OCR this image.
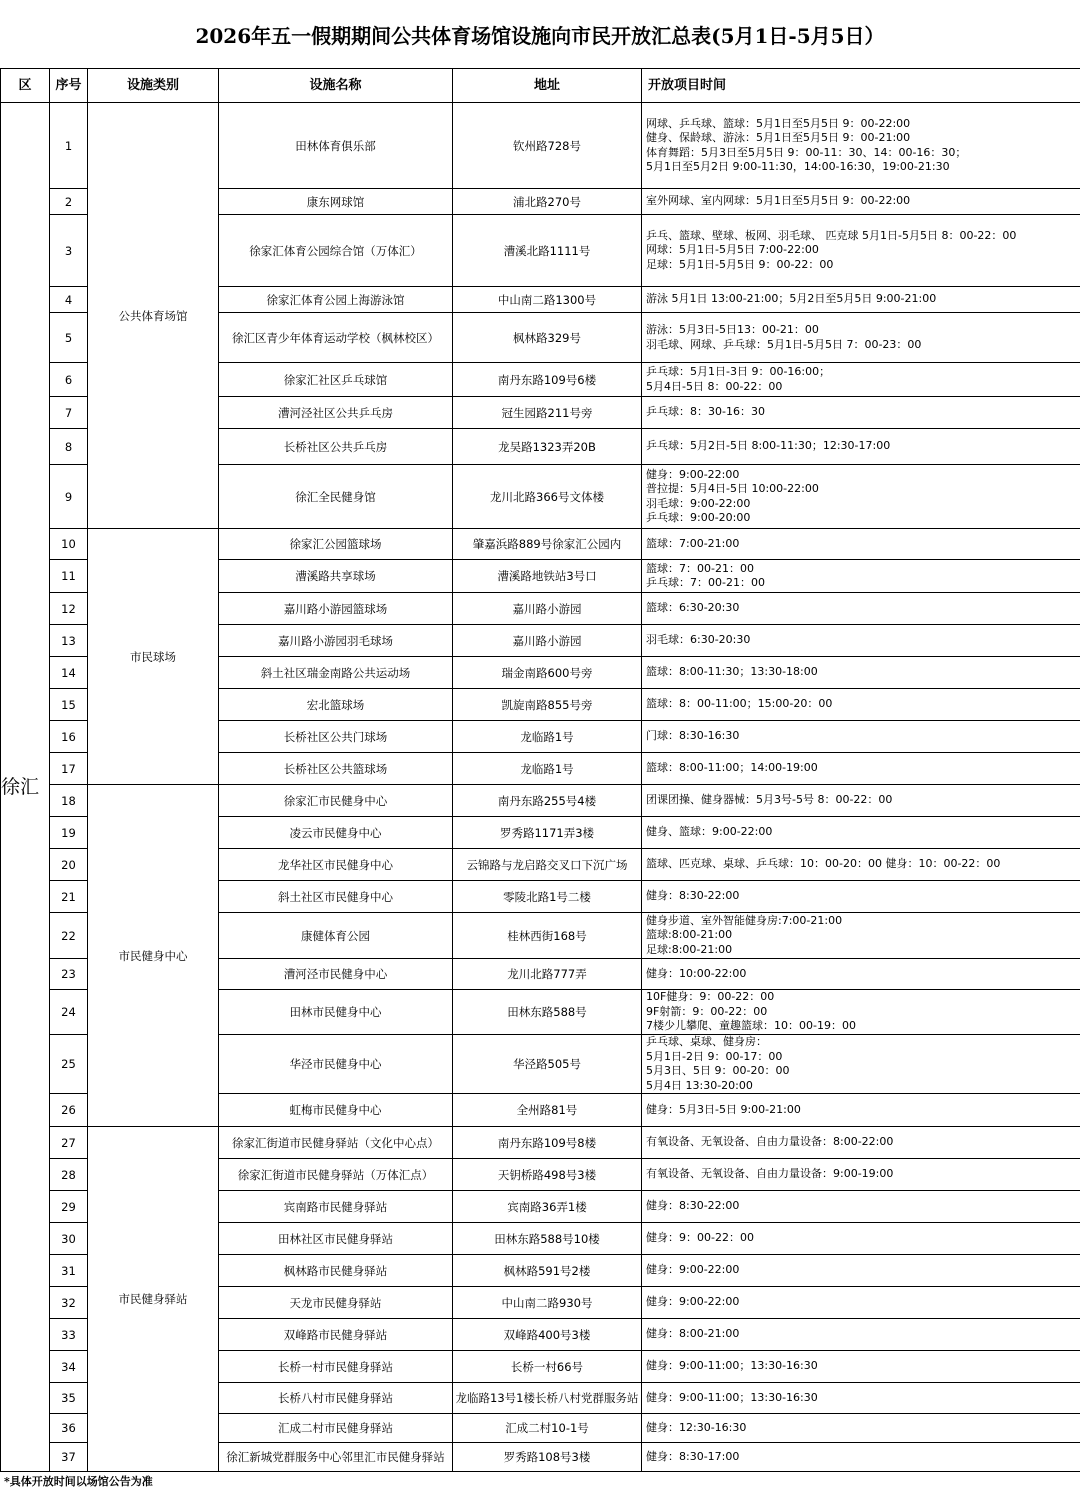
2026年五一假期期间公共体育场馆设施向市民开放汇总表(5月1日-5月5日）
区	序号	设施类别	设施名称	地址	开放项目时间
徐汇	1	公共体育场馆	田林体育俱乐部	钦州路728号	网球、乒乓球、篮球：5月1日至5月5日 9：00-22:00
健身、保龄球、游泳：5月1日至5月5日 9：00-21:00
体育舞蹈：5月3日至5月5日 9：00-11：30、14：00-16：30；
5月1日至5月2日 9:00-11:30，14:00-16:30，19:00-21:30
	2		康东网球馆	浦北路270号	室外网球、室内网球：5月1日至5月5日 9：00-22:00
	3		徐家汇体育公园综合馆（万体汇）	漕溪北路1111号	乒乓、篮球、壁球、板网、羽毛球、 匹克球 5月1日-5月5日 8：00-22：00
网球：5月1日-5月5日 7:00-22:00
足球：5月1日-5月5日 9：00-22：00
	4		徐家汇体育公园上海游泳馆	中山南二路1300号	游泳 5月1日 13:00-21:00；5月2日至5月5日 9:00-21:00
	5		徐汇区青少年体育运动学校（枫林校区）	枫林路329号	游泳：5月3日-5日13：00-21：00
羽毛球、网球、乒乓球：5月1日-5月5日 7：00-23：00
	6		徐家汇社区乒乓球馆	南丹东路109号6楼	乒乓球：5月1日-3日 9：00-16:00；
5月4日-5日 8：00-22：00
	7		漕河泾社区公共乒乓房	冠生园路211号旁	乒乓球：8：30-16：30
	8		长桥社区公共乒乓房	龙吴路1323弄20B	乒乓球：5月2日-5日 8:00-11:30；12:30-17:00
	9		徐汇全民健身馆	龙川北路366号文体楼	健身：9:00-22:00
普拉提：5月4日-5日 10:00-22:00
羽毛球：9:00-22:00
乒乓球：9:00-20:00
	10	市民球场	徐家汇公园篮球场	肇嘉浜路889号徐家汇公园内	篮球：7:00-21:00
	11		漕溪路共享球场	漕溪路地铁站3号口	篮球：7：00-21：00
乒乓球：7：00-21：00
	12		嘉川路小游园篮球场	嘉川路小游园	篮球：6:30-20:30
	13		嘉川路小游园羽毛球场	嘉川路小游园	羽毛球：6:30-20:30
	14		斜土社区瑞金南路公共运动场	瑞金南路600号旁	篮球：8:00-11:30；13:30-18:00
	15		宏北篮球场	凯旋南路855号旁	篮球：8：00-11:00；15:00-20：00
	16		长桥社区公共门球场	龙临路1号	门球：8:30-16:30
	17		长桥社区公共篮球场	龙临路1号	篮球：8:00-11:00；14:00-19:00
	18	市民健身中心	徐家汇市民健身中心	南丹东路255号4楼	团课团操、健身器械：5月3号-5号 8：00-22：00
	19		凌云市民健身中心	罗秀路1171弄3楼	健身、篮球：9:00-22:00
	20		龙华社区市民健身中心	云锦路与龙启路交叉口下沉广场	篮球、匹克球、桌球、乒乓球：10：00-20：00 健身：10：00-22：00
	21		斜土社区市民健身中心	零陵北路1号二楼	健身：8:30-22:00
	22		康健体育公园	桂林西街168号	健身步道、室外智能健身房:7:00-21:00
篮球:8:00-21:00
足球:8:00-21:00
	23		漕河泾市民健身中心	龙川北路777弄	健身：10:00-22:00
	24		田林市民健身中心	田林东路588号	10F健身：9：00-22：00
9F射箭：9：00-22：00
7楼少儿攀爬、童趣篮球：10：00-19：00
	25		华泾市民健身中心	华泾路505号	乒乓球、桌球、健身房：
5月1日-2日 9：00-17：00
5月3日、5日 9：00-20：00
5月4日 13:30-20:00
	26		虹梅市民健身中心	全州路81号	健身：5月3日-5日 9:00-21:00
	27	市民健身驿站	徐家汇街道市民健身驿站（文化中心点）	南丹东路109号8楼	有氧设备、无氧设备、自由力量设备：8:00-22:00
	28		徐家汇街道市民健身驿站（万体汇点）	天钥桥路498号3楼	有氧设备、无氧设备、自由力量设备：9:00-19:00
	29		宾南路市民健身驿站	宾南路36弄1楼	健身：8:30-22:00
	30		田林社区市民健身驿站	田林东路588号10楼	健身：9：00-22：00
	31		枫林路市民健身驿站	枫林路591号2楼	健身：9:00-22:00
	32		天龙市民健身驿站	中山南二路930号	健身：9:00-22:00
	33		双峰路市民健身驿站	双峰路400号3楼	健身：8:00-21:00
	34		长桥一村市民健身驿站	长桥一村66号	健身：9:00-11:00；13:30-16:30
	35		长桥八村市民健身驿站	龙临路13号1楼长桥八村党群服务站	健身：9:00-11:00；13:30-16:30
	36		汇成二村市民健身驿站	汇成二村10-1号	健身：12:30-16:30
	37		徐汇新城党群服务中心邻里汇市民健身驿站	罗秀路108号3楼	健身：8:30-17:00
*具体开放时间以场馆公告为准
